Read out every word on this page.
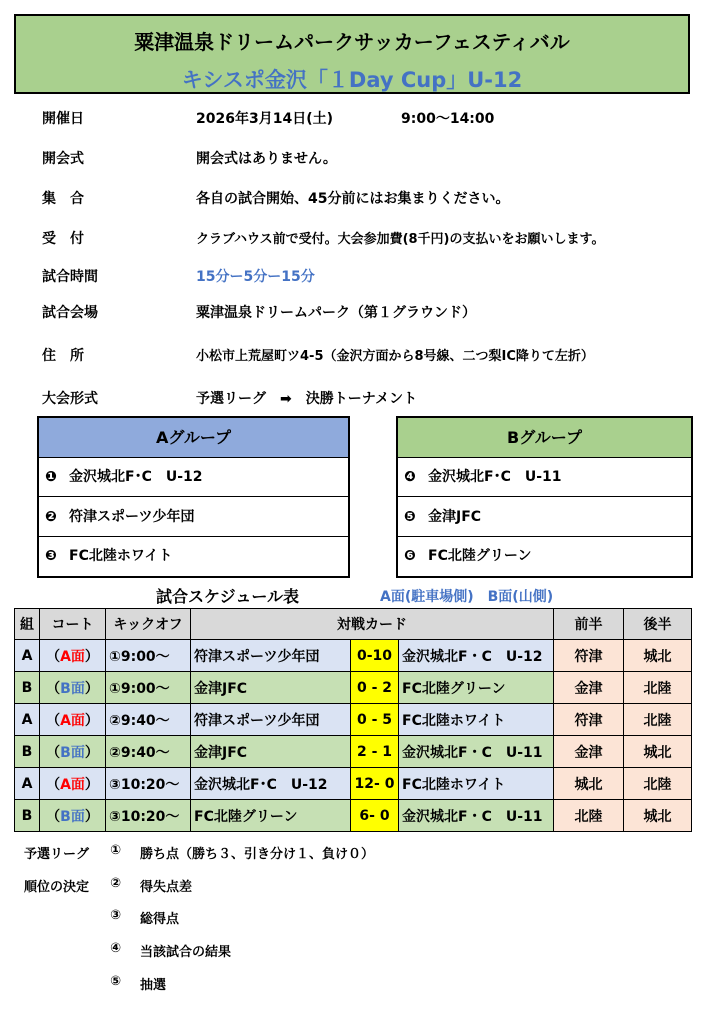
粟津温泉ドリームパークサッカーフェスティバル
キシスポ金沢「１Day Cup」U-12
開催日	2026年3月14日(土)	9:00～14:00
開会式	開会式はありません。
集　合	各自の試合開始、45分前にはお集まりください。
受　付	クラブハウス前で受付。大会参加費(8千円)の支払いをお願いします。
試合時間	15分ー5分ー15分
試合会場	粟津温泉ドリームパーク（第１グラウンド）
住　所	小松市上荒屋町ツ4-5（金沢方面から8号線、二つ梨IC降りて左折）
大会形式	予選リーグ　➡　決勝トーナメント
Aグループ
❶ 金沢城北F･C　U-12
❷ 符津スポーツ少年団
❸ FC北陸ホワイト
Bグループ
❹ 金沢城北F･C　U-11
❺ 金津JFC
❻ FC北陸グリーン
試合スケジュール表	A面(駐車場側)　B面(山側)
組	コート	キックオフ	対戦カード			前半	後半
A	（A面）	①9:00～	符津スポーツ少年団	0-10	金沢城北F・C　U-12	符津	城北
B	（B面）	①9:00～	金津JFC	0 - 2	FC北陸グリーン	金津	北陸
A	（A面）	②9:40～	符津スポーツ少年団	0 - 5	FC北陸ホワイト	符津	北陸
B	（B面）	②9:40～	金津JFC	2 - 1	金沢城北F・C　U-11	金津	城北
A	（A面）	③10:20～	金沢城北F･C　U-12	12- 0	FC北陸ホワイト	城北	北陸
B	（B面）	③10:20～	FC北陸グリーン	6- 0	金沢城北F・C　U-11	北陸	城北
予選リーグ
順位の決定
① 勝ち点（勝ち３、引き分け１、負け０）
② 得失点差
③ 総得点
④ 当該試合の結果
⑤ 抽選
